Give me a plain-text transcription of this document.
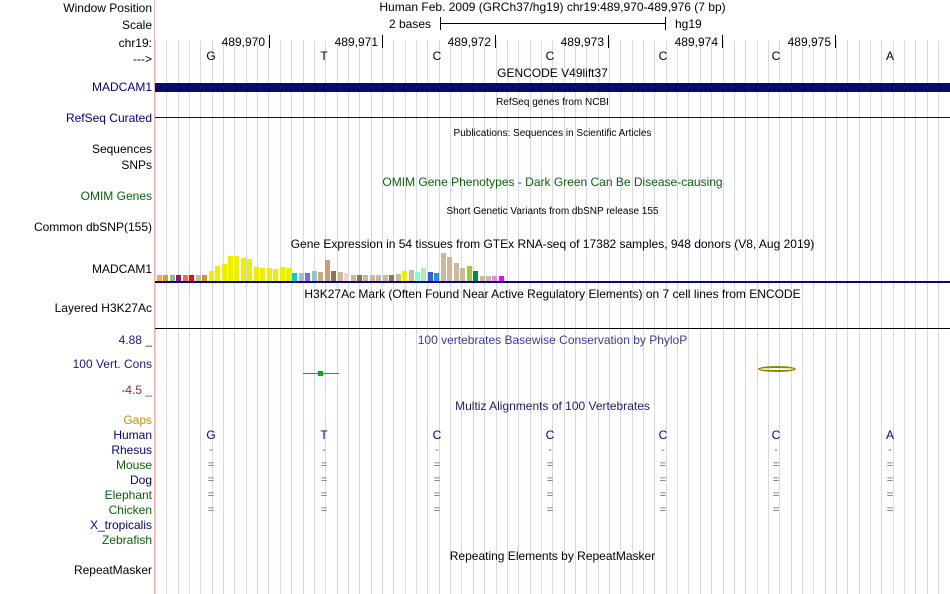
Window Position
Scale
chr19:
--->
MADCAM1
RefSeq Curated
Sequences
SNPs
OMIM Genes
Common dbSNP(155)
MADCAM1
Layered H3K27Ac
4.88 _
100 Vert. Cons
-4.5 _
Gaps
Human
Rhesus
Mouse
Dog
Elephant
Chicken
X_tropicalis
Zebrafish
RepeatMasker
Human Feb. 2009 (GRCh37/hg19) chr19:489,970-489,976 (7 bp)
2 bases	hg19
489,970	489,971	489,972	489,973	489,974	489,975
G	T	C	C	C	C	A
GENCODE V49lift37
RefSeq genes from NCBI
Publications: Sequences in Scientific Articles
OMIM Gene Phenotypes - Dark Green Can Be Disease-causing
Short Genetic Variants from dbSNP release 155
Gene Expression in 54 tissues from GTEx RNA-seq of 17382 samples, 948 donors (V8, Aug 2019)
H3K27Ac Mark (Often Found Near Active Regulatory Elements) on 7 cell lines from ENCODE
100 vertebrates Basewise Conservation by PhyloP
Multiz Alignments of 100 Vertebrates
G	T	C	C	C	C	A
-	-	-	-	-	-	-
=	=	=	=	=	=	=
=	=	=	=	=	=	=
=	=	=	=	=	=	=
=	=	=	=	=	=	=
Repeating Elements by RepeatMasker
